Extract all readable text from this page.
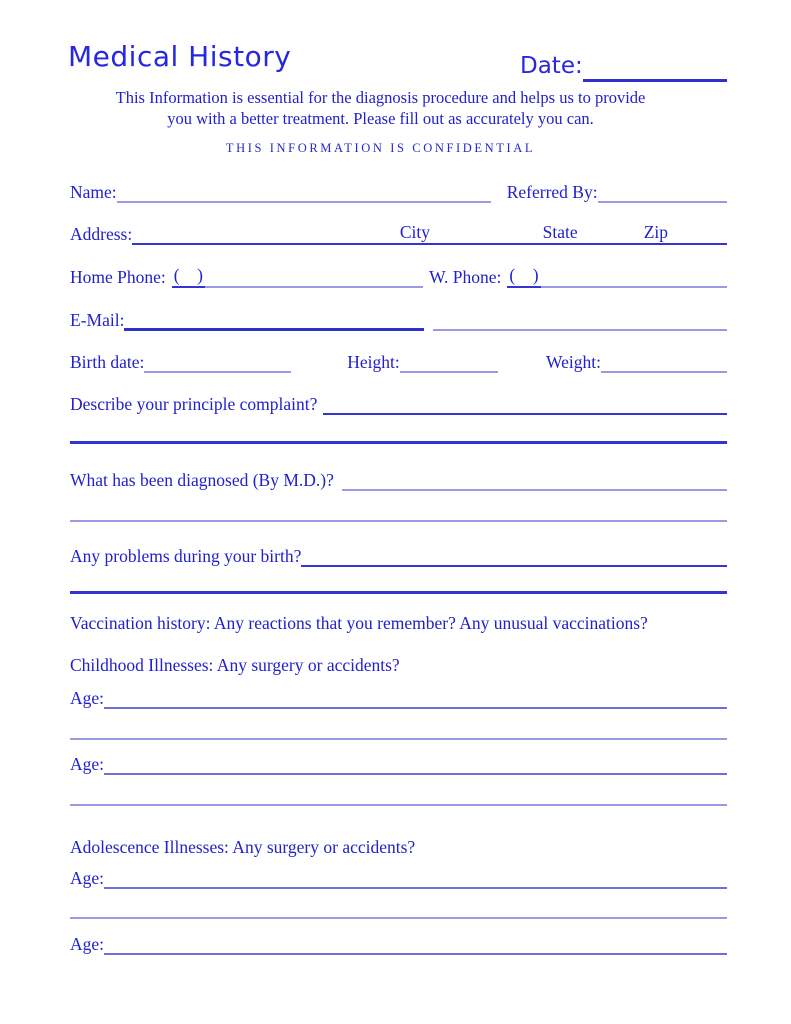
Medical History	Date:
This Information is essential for the diagnosis procedure and helps us to provide
you with a better treatment. Please fill out as accurately you can.
THIS INFORMATION IS CONFIDENTIAL
Name:	Referred By:
Address:	City	State	Zip
Home Phone: (    )	W. Phone: (    )
E-Mail:
Birth date:	Height:	Weight:
Describe your principle complaint?
What has been diagnosed (By M.D.)?
Any problems during your birth?
Vaccination history: Any reactions that you remember? Any unusual vaccinations?
Childhood Illnesses: Any surgery or accidents?
Age:
Age:
Adolescence Illnesses: Any surgery or accidents?
Age:
Age:
